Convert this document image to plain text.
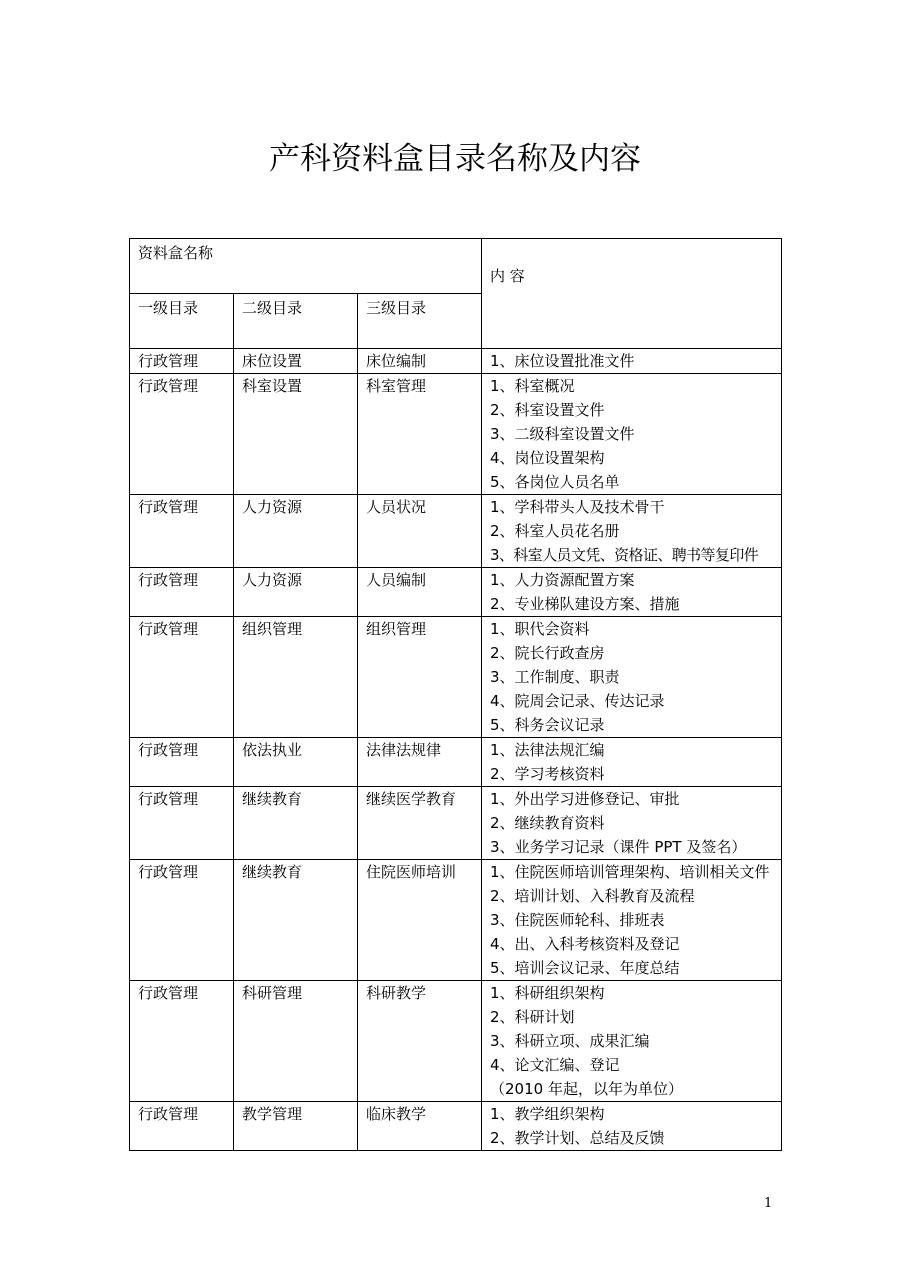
产科资料盒目录名称及内容
资料盒名称			内 容
一级目录	二级目录	三级目录	
行政管理	床位设置	床位编制	1、床位设置批准文件

行政管理	科室设置	科室管理	1、科室概况
2、科室设置文件
3、二级科室设置文件
4、岗位设置架构
5、各岗位人员名单

行政管理	人力资源	人员状况	1、学科带头人及技术骨干
2、科室人员花名册
3、科室人员文凭、资格证、聘书等复印件

行政管理	人力资源	人员编制	1、人力资源配置方案
2、专业梯队建设方案、措施

行政管理	组织管理	组织管理	1、职代会资料
2、院长行政查房
3、工作制度、职责
4、院周会记录、传达记录
5、科务会议记录

行政管理	依法执业	法律法规律	1、法律法规汇编
2、学习考核资料

行政管理	继续教育	继续医学教育	1、外出学习进修登记、审批
2、继续教育资料
3、业务学习记录（课件 PPT 及签名）

行政管理	继续教育	住院医师培训	1、住院医师培训管理架构、培训相关文件
2、培训计划、入科教育及流程
3、住院医师轮科、排班表
4、出、入科考核资料及登记
5、培训会议记录、年度总结

行政管理	科研管理	科研教学	1、科研组织架构
2、科研计划
3、科研立项、成果汇编
4、论文汇编、登记
（2010 年起，以年为单位）

行政管理	教学管理	临床教学	1、教学组织架构
2、教学计划、总结及反馈
1
